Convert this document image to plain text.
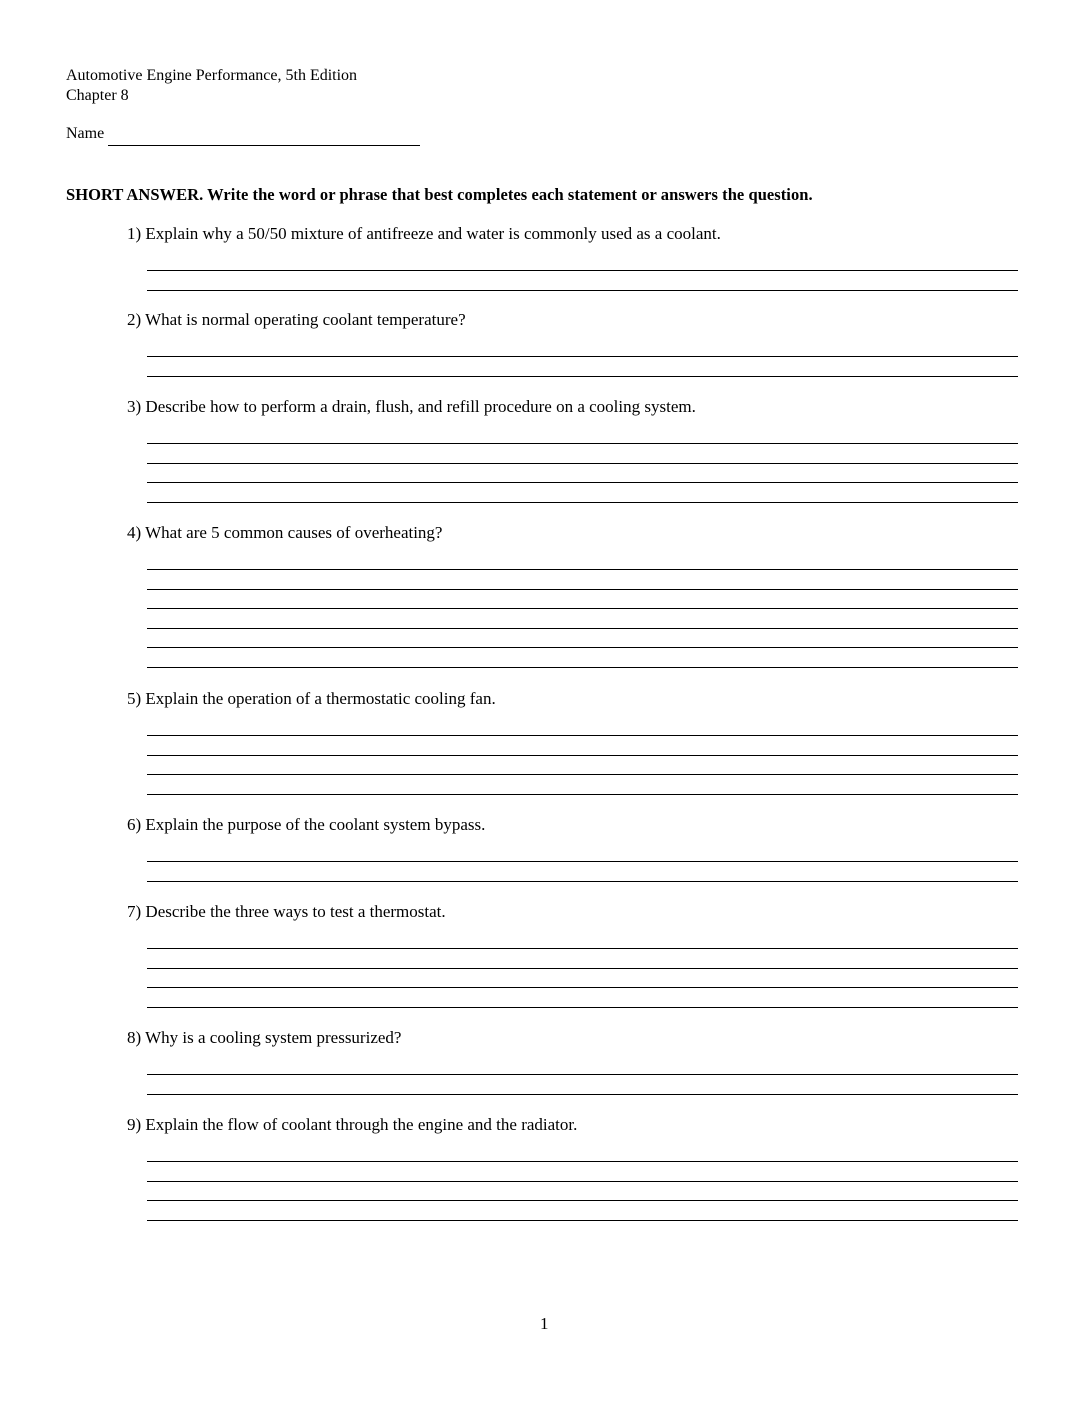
Automotive Engine Performance, 5th Edition
Chapter 8
Name
SHORT ANSWER. Write the word or phrase that best completes each statement or answers the question.
1) Explain why a 50/50 mixture of antifreeze and water is commonly used as a coolant.
2) What is normal operating coolant temperature?
3) Describe how to perform a drain, flush, and refill procedure on a cooling system.
4) What are 5 common causes of overheating?
5) Explain the operation of a thermostatic cooling fan.
6) Explain the purpose of the coolant system bypass.
7) Describe the three ways to test a thermostat.
8) Why is a cooling system pressurized?
9) Explain the flow of coolant through the engine and the radiator.
1
